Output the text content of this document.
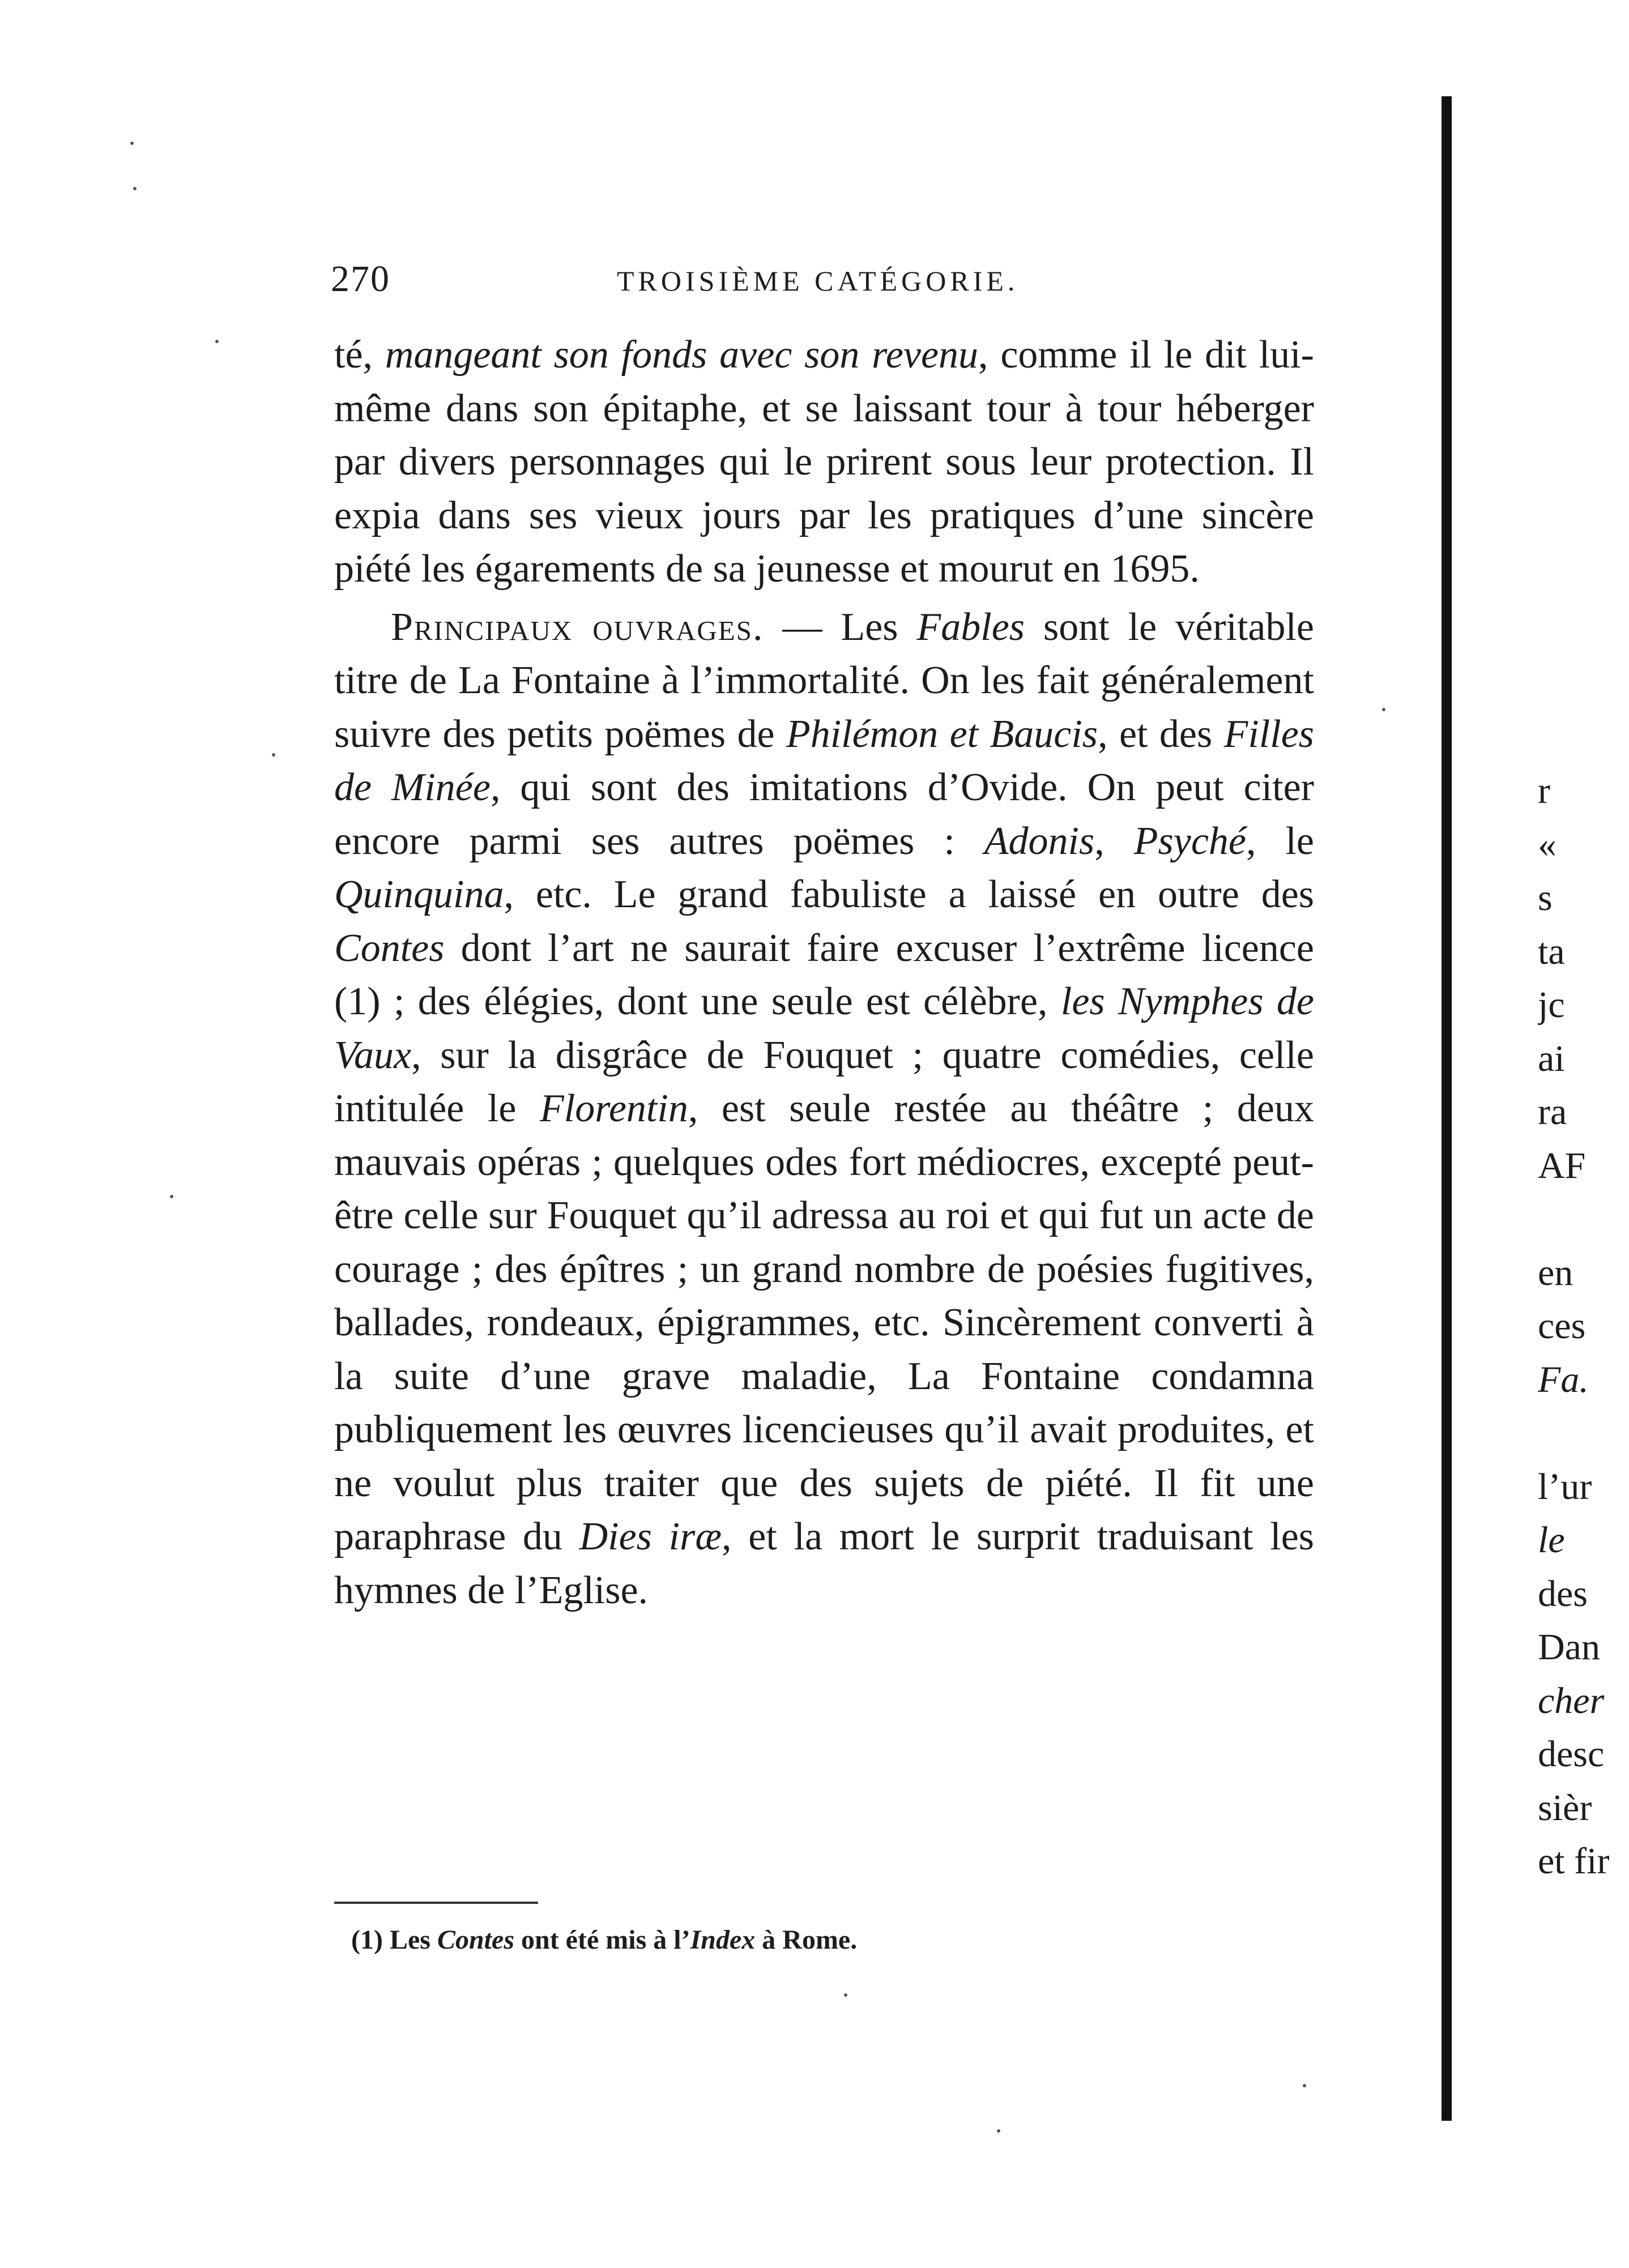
270	TROISIÈME CATÉGORIE.

té, mangeant son fonds avec son revenu, comme il le dit lui-même dans son épitaphe, et se laissant tour à tour héberger par divers personnages qui le prirent sous leur protection. Il expia dans ses vieux jours par les pratiques d’une sincère piété les égarements de sa jeunesse et mourut en 1695.

Principaux ouvrages. — Les Fables sont le véritable titre de La Fontaine à l’immortalité. On les fait généralement suivre des petits poëmes de Philémon et Baucis, et des Filles de Minée, qui sont des imitations d’Ovide. On peut citer encore parmi ses autres poëmes : Adonis, Psyché, le Quinquina, etc. Le grand fabuliste a laissé en outre des Contes dont l’art ne saurait faire excuser l’extrême licence (1) ; des élégies, dont une seule est célèbre, les Nymphes de Vaux, sur la disgrâce de Fouquet ; quatre comédies, celle intitulée le Florentin, est seule restée au théâtre ; deux mauvais opéras ; quelques odes fort médiocres, excepté peut-être celle sur Fouquet qu’il adressa au roi et qui fut un acte de courage ; des épîtres ; un grand nombre de poésies fugitives, ballades, rondeaux, épigrammes, etc. Sincèrement converti à la suite d’une grave maladie, La Fontaine condamna publiquement les œuvres licencieuses qu’il avait produites, et ne voulut plus traiter que des sujets de piété. Il fit une paraphrase du Dies iræ, et la mort le surprit traduisant les hymnes de l’Eglise.

(1) Les Contes ont été mis à l’Index à Rome.
r
«
s
ta
jc
ai
ra
AF
en
ces
Fa.
l’ur
le
des
Dan
cher
desc
sièr
et fir
